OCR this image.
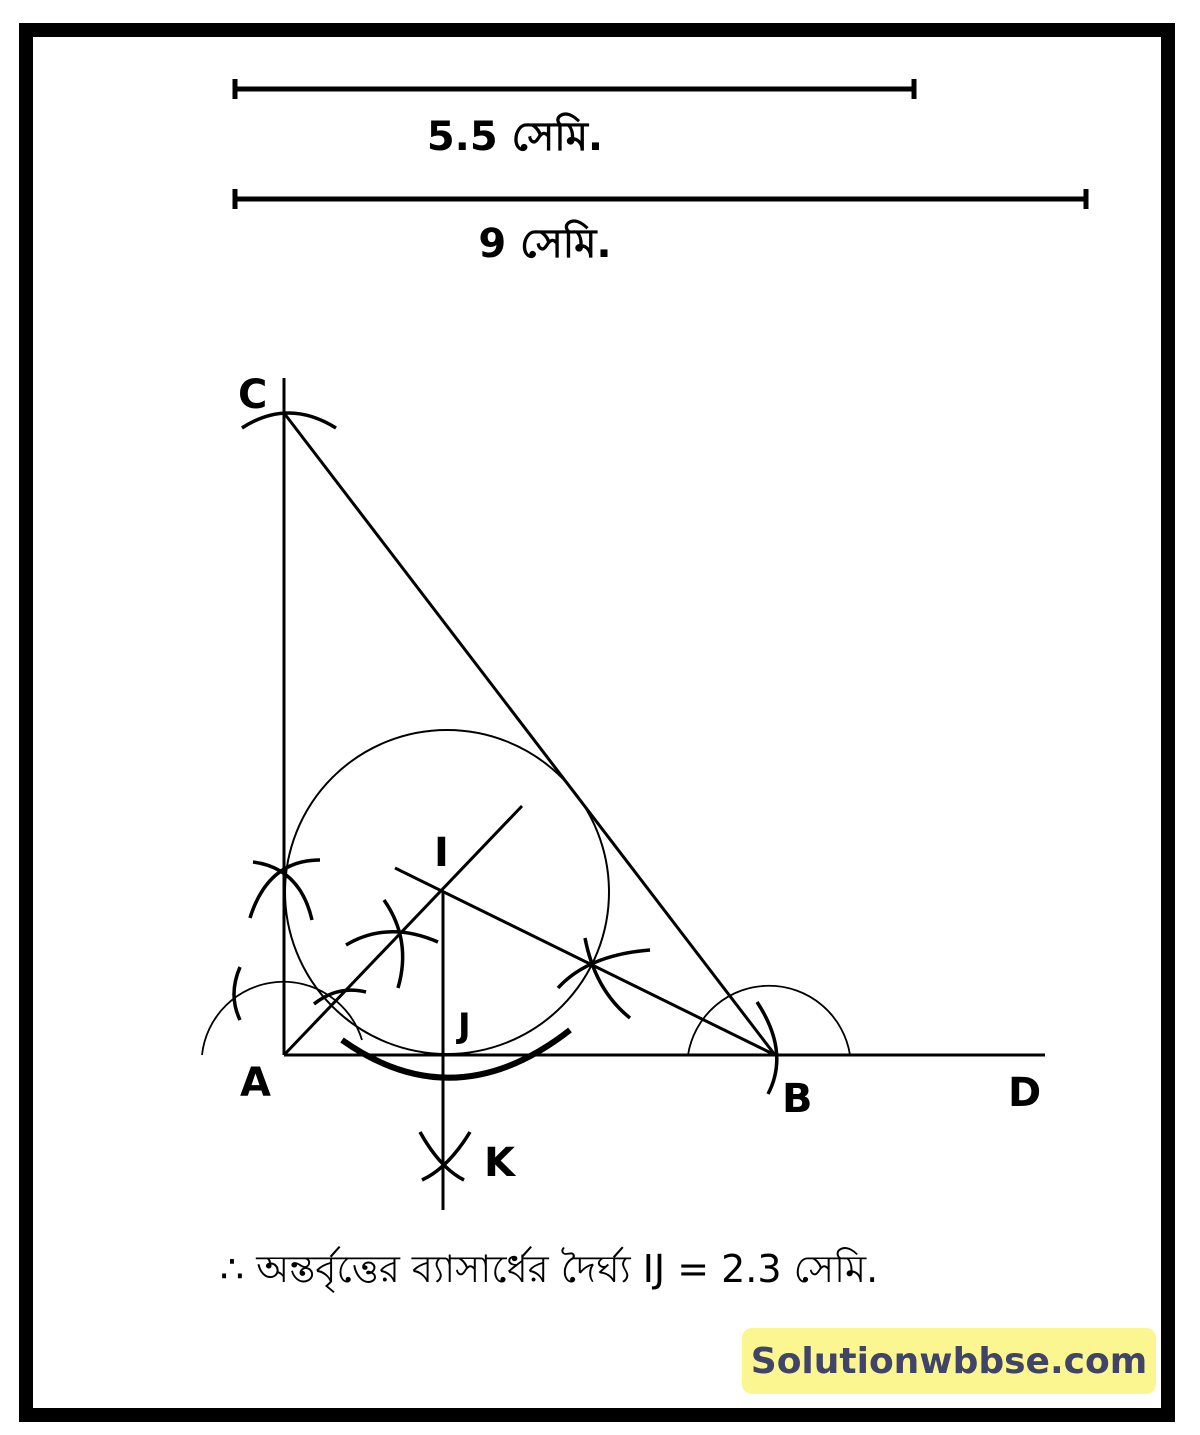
5.5 সেমি.
9 সেমি.
C
A	B	D
I
J
K
∴ অন্তর্বৃত্তের ব্যাসার্ধের দৈর্ঘ্য IJ = 2.3 সেমি.
Solutionwbbse.com
